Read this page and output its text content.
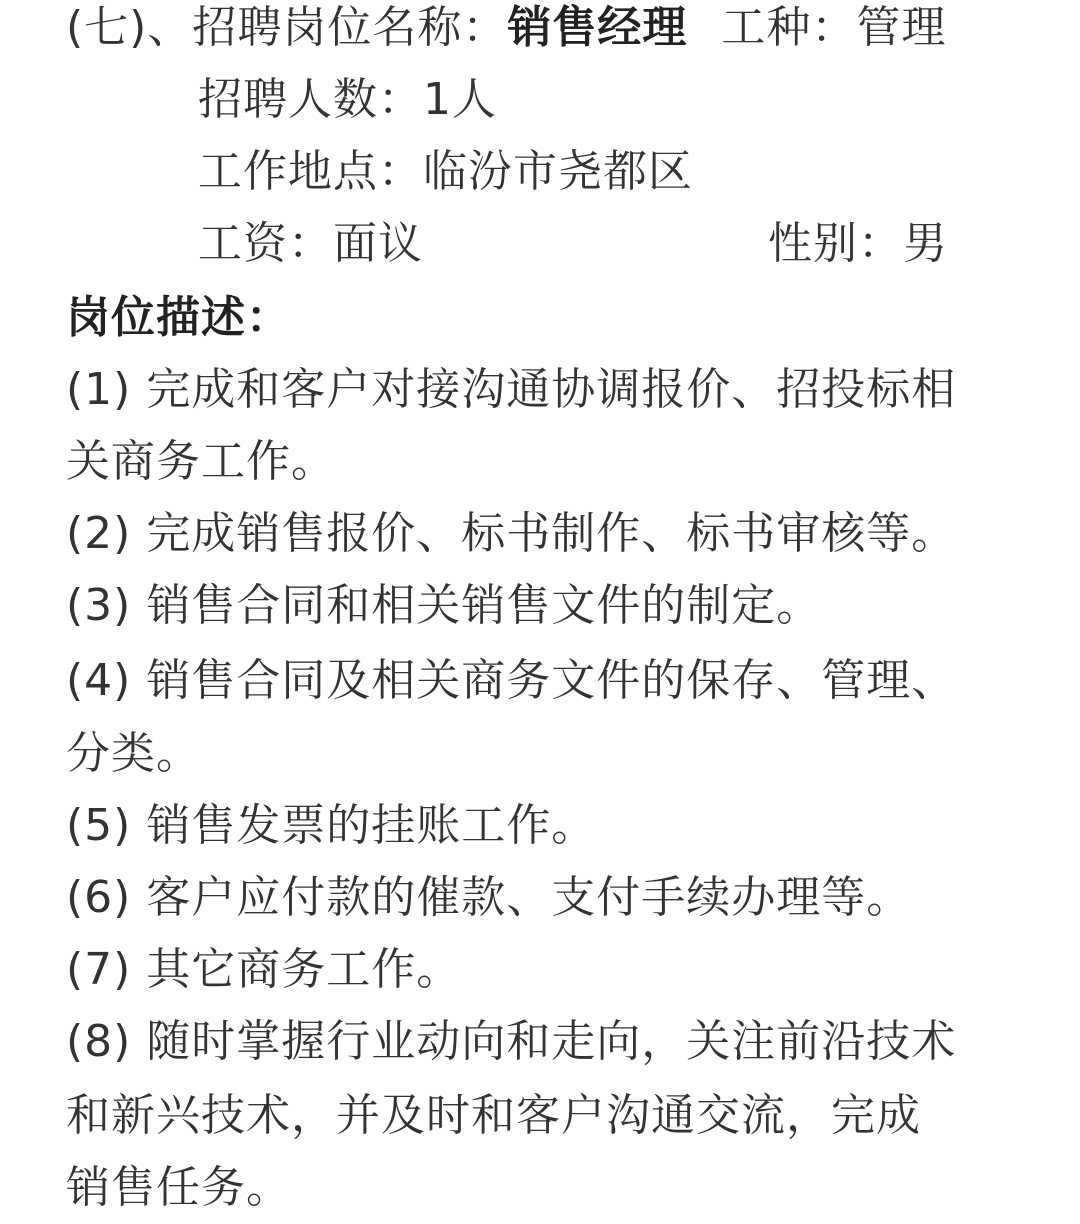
(七)、招聘岗位名称：销售经理 工种：管理
招聘人数：1人
工作地点：临汾市尧都区
工资：面议	性别：男
岗位描述：
(1) 完成和客户对接沟通协调报价、招投标相
关商务工作。
(2) 完成销售报价、标书制作、标书审核等。
(3) 销售合同和相关销售文件的制定。
(4) 销售合同及相关商务文件的保存、管理、
分类。
(5) 销售发票的挂账工作。
(6) 客户应付款的催款、支付手续办理等。
(7) 其它商务工作。
(8) 随时掌握行业动向和走向，关注前沿技术
和新兴技术，并及时和客户沟通交流，完成
销售任务。
